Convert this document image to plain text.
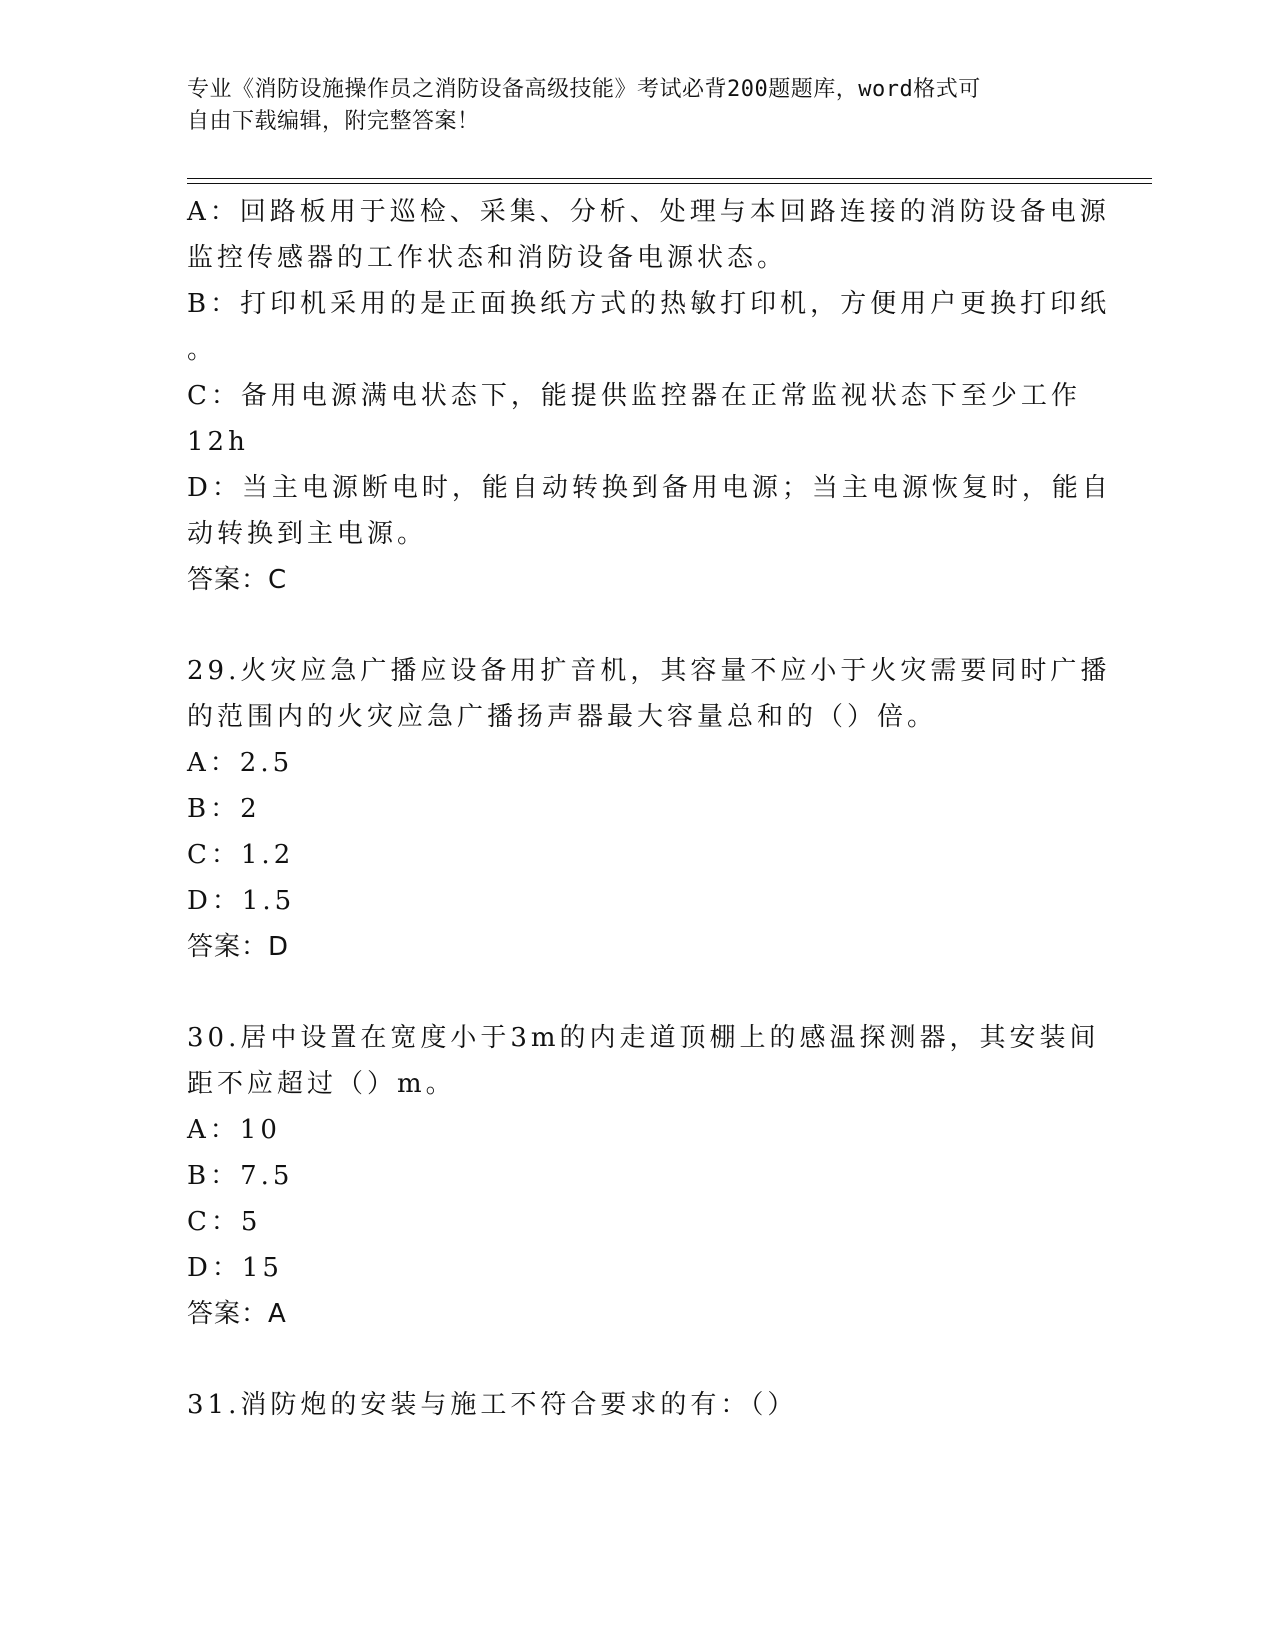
专业《消防设施操作员之消防设备高级技能》考试必背200题题库，word格式可
自由下载编辑，附完整答案！
A：回路板用于巡检、采集、分析、处理与本回路连接的消防设备电源
监控传感器的工作状态和消防设备电源状态。
B：打印机采用的是正面换纸方式的热敏打印机，方便用户更换打印纸
。
C：备用电源满电状态下，能提供监控器在正常监视状态下至少工作
12h
D：当主电源断电时，能自动转换到备用电源；当主电源恢复时，能自
动转换到主电源。
答案：C
29.火灾应急广播应设备用扩音机，其容量不应小于火灾需要同时广播
的范围内的火灾应急广播扬声器最大容量总和的（）倍。
A：2.5
B：2
C：1.2
D：1.5
答案：D
30.居中设置在宽度小于3m的内走道顶棚上的感温探测器，其安装间
距不应超过（）m。
A：10
B：7.5
C：5
D：15
答案：A
31.消防炮的安装与施工不符合要求的有：（）
